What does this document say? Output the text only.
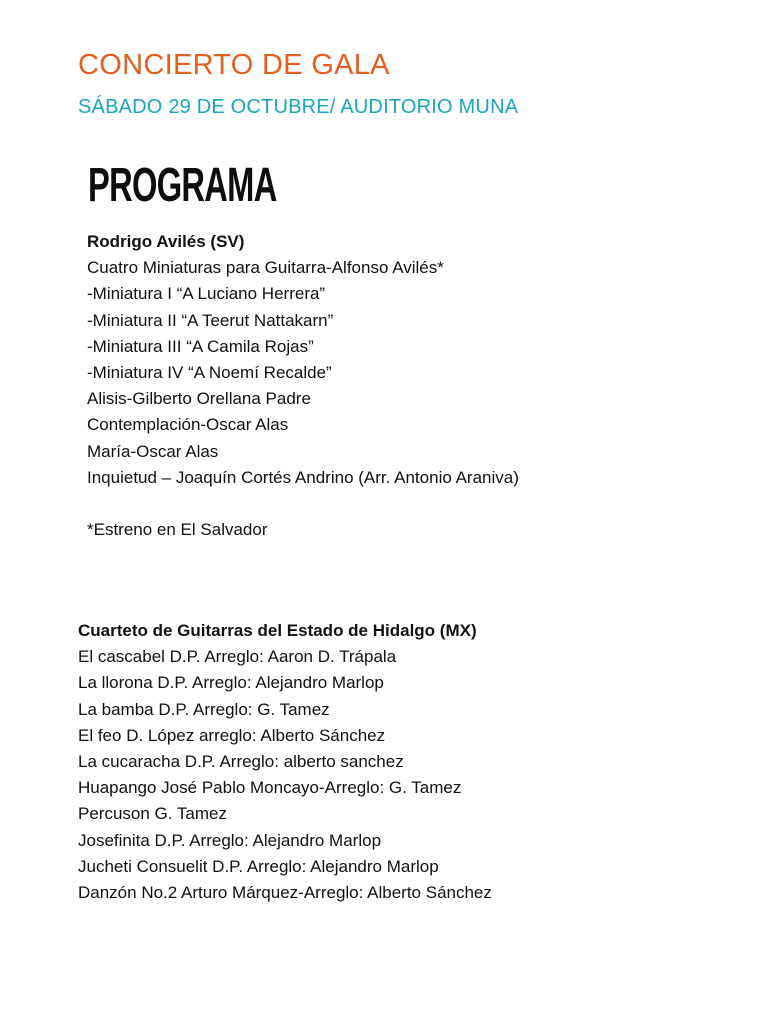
CONCIERTO DE GALA
SÁBADO 29 DE OCTUBRE/ AUDITORIO MUNA
PROGRAMA
Rodrigo Avilés (SV)
Cuatro Miniaturas para Guitarra-Alfonso Avilés*
-Miniatura I “A Luciano Herrera”
-Miniatura II “A Teerut Nattakarn”
-Miniatura III “A Camila Rojas”
-Miniatura IV “A Noemí Recalde”
Alisis-Gilberto Orellana Padre
Contemplación-Oscar Alas
María-Oscar Alas
Inquietud – Joaquín Cortés Andrino (Arr. Antonio Araniva)
*Estreno en El Salvador
Cuarteto de Guitarras del Estado de Hidalgo (MX)
El cascabel D.P. Arreglo: Aaron D. Trápala
La llorona D.P. Arreglo: Alejandro Marlop
La bamba D.P. Arreglo: G. Tamez
El feo D. López arreglo: Alberto Sánchez
La cucaracha D.P. Arreglo: alberto sanchez
Huapango José Pablo Moncayo-Arreglo: G. Tamez
Percuson G. Tamez
Josefinita D.P. Arreglo: Alejandro Marlop
Jucheti Consuelit D.P. Arreglo: Alejandro Marlop
Danzón No.2 Arturo Márquez-Arreglo: Alberto Sánchez
